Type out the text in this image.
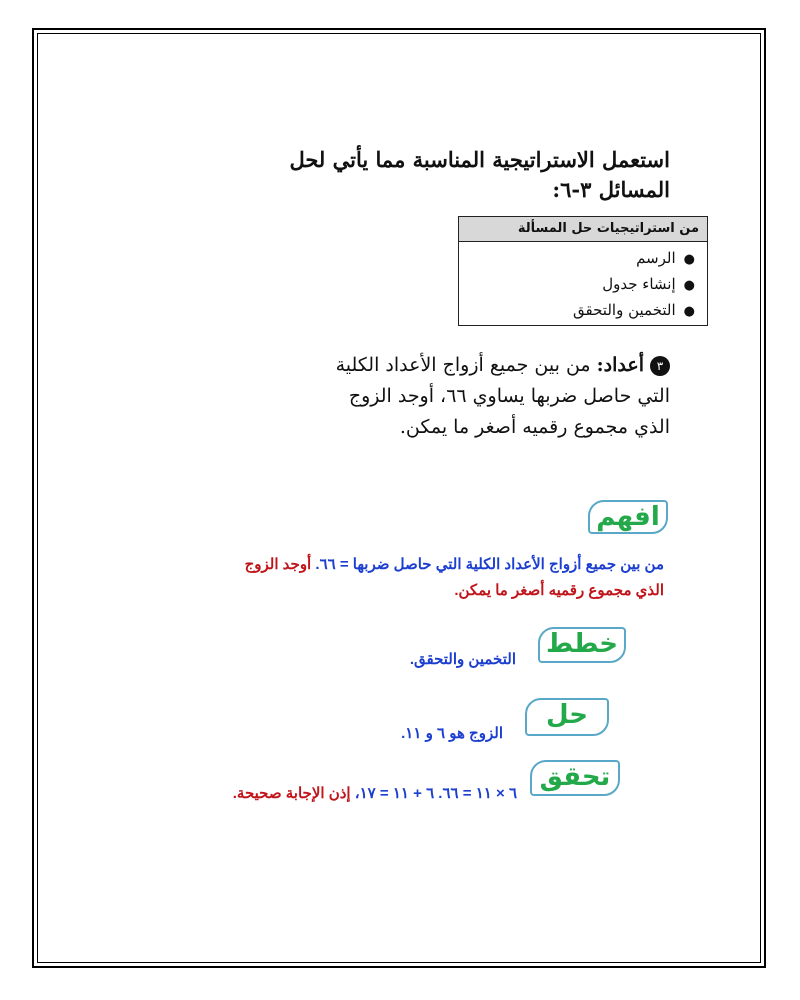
استعمل الاستراتيجية المناسبة مما يأتي لحل
المسائل ٣-٦:
من استراتيجيات حل المسألة
●الرسم
●إنشاء جدول
●التخمين والتحقق
٣أعداد: من بين جميع أزواج الأعداد الكلية
التي حاصل ضربها يساوي ٦٦، أوجد الزوج
الذي مجموع رقميه أصغر ما يمكن.
افهم
من بين جميع أزواج الأعداد الكلية التي حاصل ضربها = ٦٦. أوجد الزوج
الذي مجموع رقميه أصغر ما يمكن.
خطط
التخمين والتحقق.
حل
الزوج هو ٦ و ١١.
تحقق
٦ × ١١ = ٦٦. ٦ + ١١ = ١٧، إذن الإجابة صحيحة.
